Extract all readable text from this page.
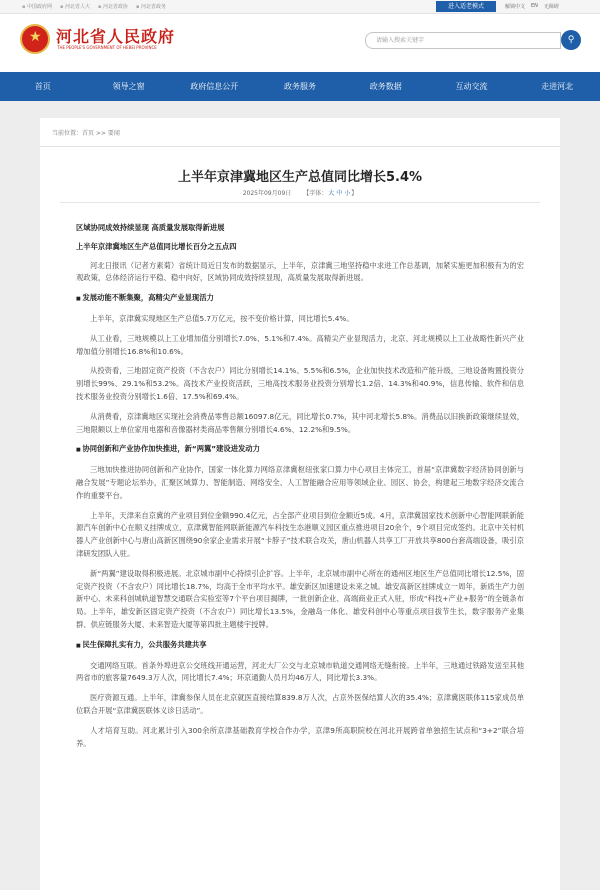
▪ 中国政府网	▪ 河北省人大	▪ 河北省政协	▪ 河北省政务	进入适老模式	解锁中文 EN 无障碍
★
河北省人民政府
THE PEOPLE'S GOVERNMENT OF HEBEI PROVINCE
请输入搜索关键字	⚲
首页	领导之窗	政府信息公开	政务服务	政务数据	互动交流	走进河北
当前位置：首页 >> 要闻
上半年京津冀地区生产总值同比增长5.4%
2025年09月09日 【字体：大 中 小】

区域协同成效持续显现 高质量发展取得新进展

上半年京津冀地区生产总值同比增长百分之五点四

河北日报讯（记者方素菊）省统计局近日发布的数据显示，上半年，京津冀三地坚持稳中求进工作总基调，加紧实施更加积极有为的宏观政策，总体经济运行平稳、稳中向好，区域协同成效持续显现，高质量发展取得新进展。

■ 发展动能不断集聚，高精尖产业显现活力

上半年，京津冀实现地区生产总值5.7万亿元，按不变价格计算，同比增长5.4%。

从工业看，三地规模以上工业增加值分别增长7.0%、5.1%和7.4%。高精尖产业显现活力，北京、河北规模以上工业战略性新兴产业增加值分别增长16.8%和10.6%。

从投资看，三地固定资产投资（不含农户）同比分别增长14.1%、5.5%和6.5%，企业加快技术改造和产能升级，三地设备购置投资分别增长99%、29.1%和53.2%。高技术产业投资活跃，三地高技术服务业投资分别增长1.2倍、14.3%和40.9%，信息传输、软件和信息技术服务业投资分别增长1.6倍、17.5%和69.4%。

从消费看，京津冀地区实现社会消费品零售总额16097.8亿元，同比增长0.7%，其中河北增长5.8%。消费品以旧换新政策继续显效，三地限额以上单位家用电器和音像器材类商品零售额分别增长4.6%、12.2%和9.5%。

■ 协同创新和产业协作加快推进，新“两翼”建设进发动力

三地加快推进协同创新和产业协作，国家一体化算力网络京津冀枢纽张家口算力中心项目主体完工，首届“京津冀数字经济协同创新与融合发展”专题论坛举办，汇聚区域算力、智能制造、网络安全、人工智能融合应用等领域企业、园区、协会，构建起三地数字经济交流合作的重要平台。

上半年，天津来自京冀的产业项目到位金额990.4亿元，占全部产业项目到位金额近5成。4月，京津冀国家技术创新中心智能网联新能源汽车创新中心在顺义挂牌成立，京津冀智能网联新能源汽车科技生态港顺义园区重点推进项目20余个，9个项目完成签约。北京中关村机器人产业创新中心与唐山高新区围绕90余家企业需求开展“卡脖子”技术联合攻关，唐山机器人共享工厂开放共享800台套高端设备，吸引京津研发团队入驻。

新“两翼”建设取得积极进展。北京城市副中心持续引企扩容。上半年，北京城市副中心所在的通州区地区生产总值同比增长12.5%，固定资产投资（不含农户）同比增长18.7%，均高于全市平均水平。雄安新区加速建设未来之城。雄安高新区挂牌成立一周年，新质生产力创新中心、未来科创城轨道智慧交通联合实验室等7个平台项目揭牌，一批创新企业、高端商业正式入驻，形成“科技+产业+服务”的全链条布局。上半年，雄安新区固定资产投资（不含农户）同比增长13.5%，金融岛一体化、雄安科创中心等重点项目拔节生长，数字服务产业集群、供应链服务大厦、未来智造大厦等第四批主题楼宇授牌。

■ 民生保障扎实有力，公共服务共建共享

交通网络互联。首条外埠进京公交班线开通运营，河北大厂公交与北京城市轨道交通网络无缝衔接。上半年，三地通过铁路发送至其他两省市的旅客量7649.3万人次，同比增长7.4%；环京通勤人员月均46万人，同比增长3.3%。

医疗资源互通。上半年，津冀参保人员在北京就医直接结算839.8万人次，占京外医保结算人次的35.4%；京津冀医联体115家成员单位联合开展“京津冀医联体义诊日活动”。

人才培育互助。河北累计引入300余所京津基础教育学校合作办学，京津9所高职院校在河北开展跨省单独招生试点和“3+2”联合培养。
